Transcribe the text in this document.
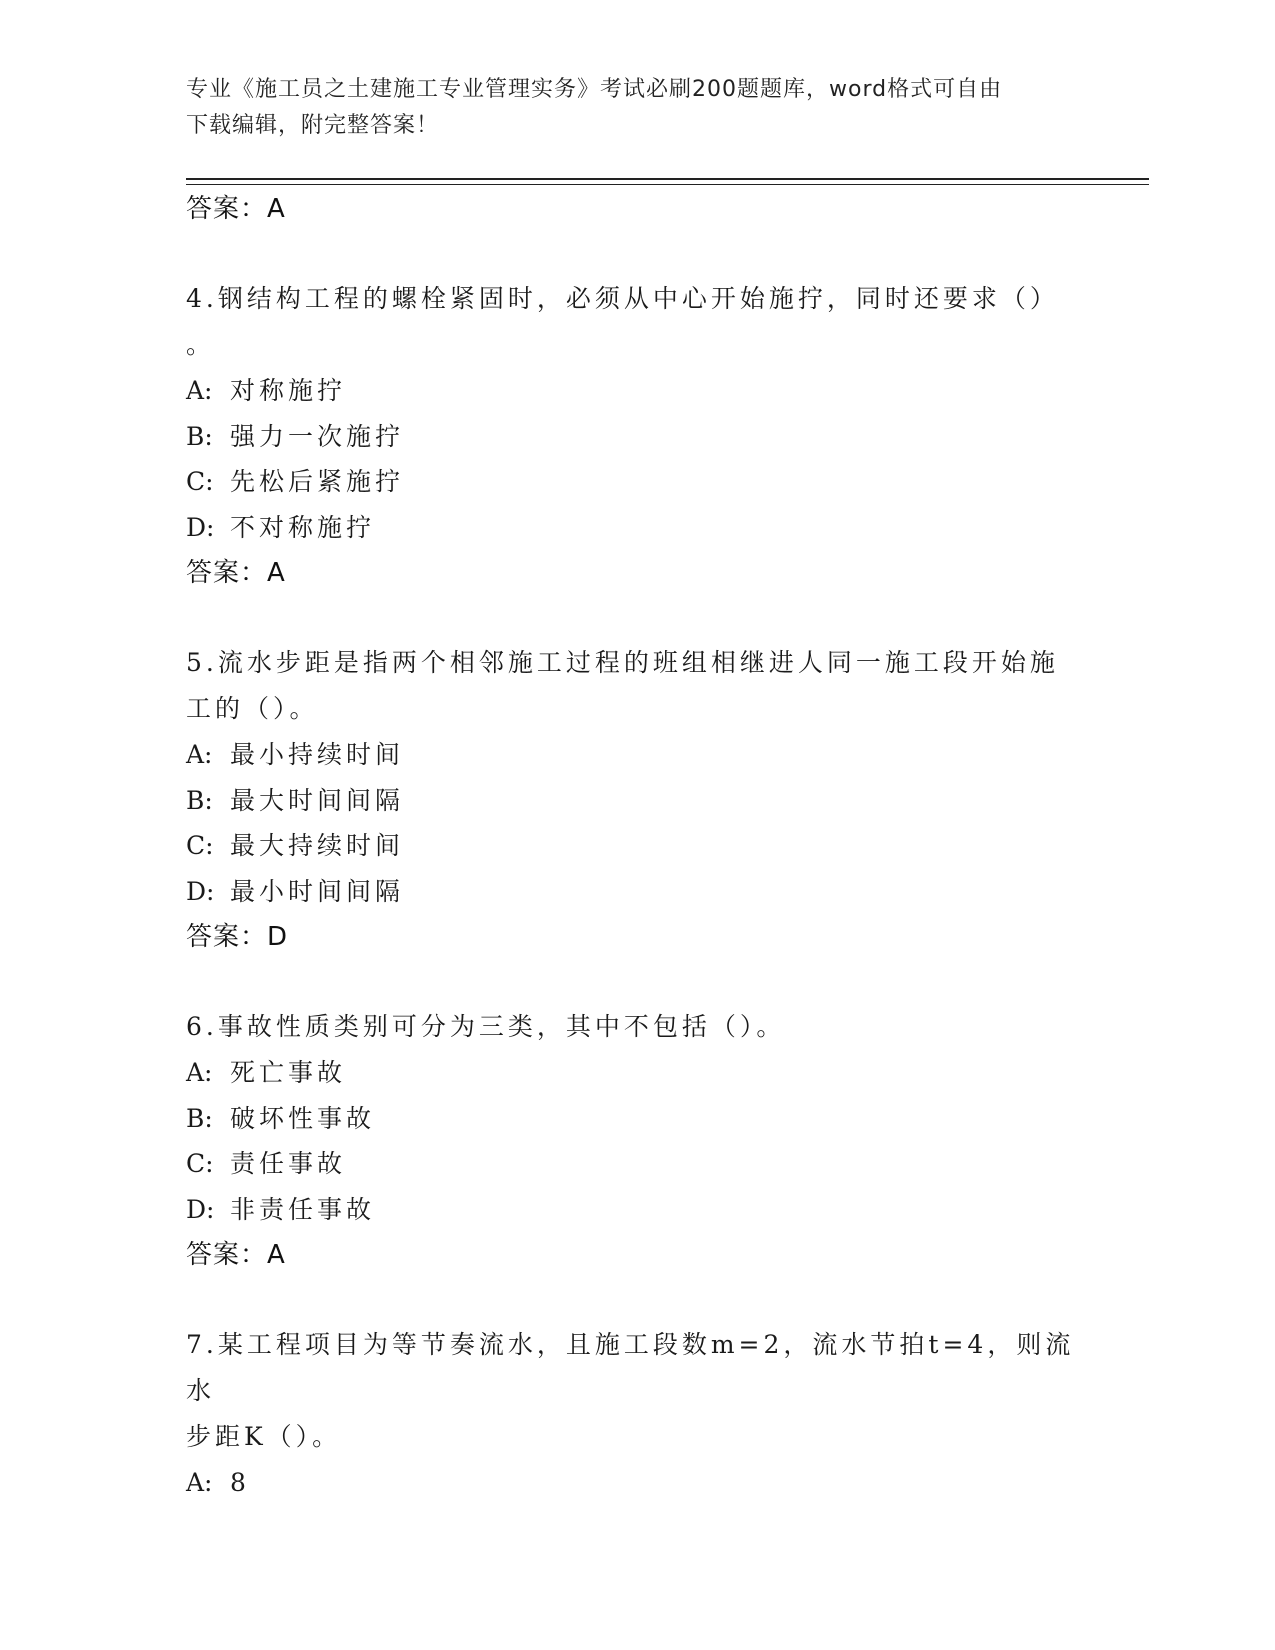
专业《施工员之土建施工专业管理实务》考试必刷200题题库，word格式可自由
下载编辑，附完整答案！
答案：A
4.钢结构工程的螺栓紧固时，必须从中心开始施拧，同时还要求（）
。
A: 对称施拧
B: 强力一次施拧
C: 先松后紧施拧
D: 不对称施拧
答案：A
5.流水步距是指两个相邻施工过程的班组相继进人同一施工段开始施
工的（）。
A: 最小持续时间
B: 最大时间间隔
C: 最大持续时间
D: 最小时间间隔
答案：D
6.事故性质类别可分为三类，其中不包括（）。
A: 死亡事故
B: 破坏性事故
C: 责任事故
D: 非责任事故
答案：A
7.某工程项目为等节奏流水，且施工段数m=2，流水节拍t=4，则流水
步距K（）。
A: 8
